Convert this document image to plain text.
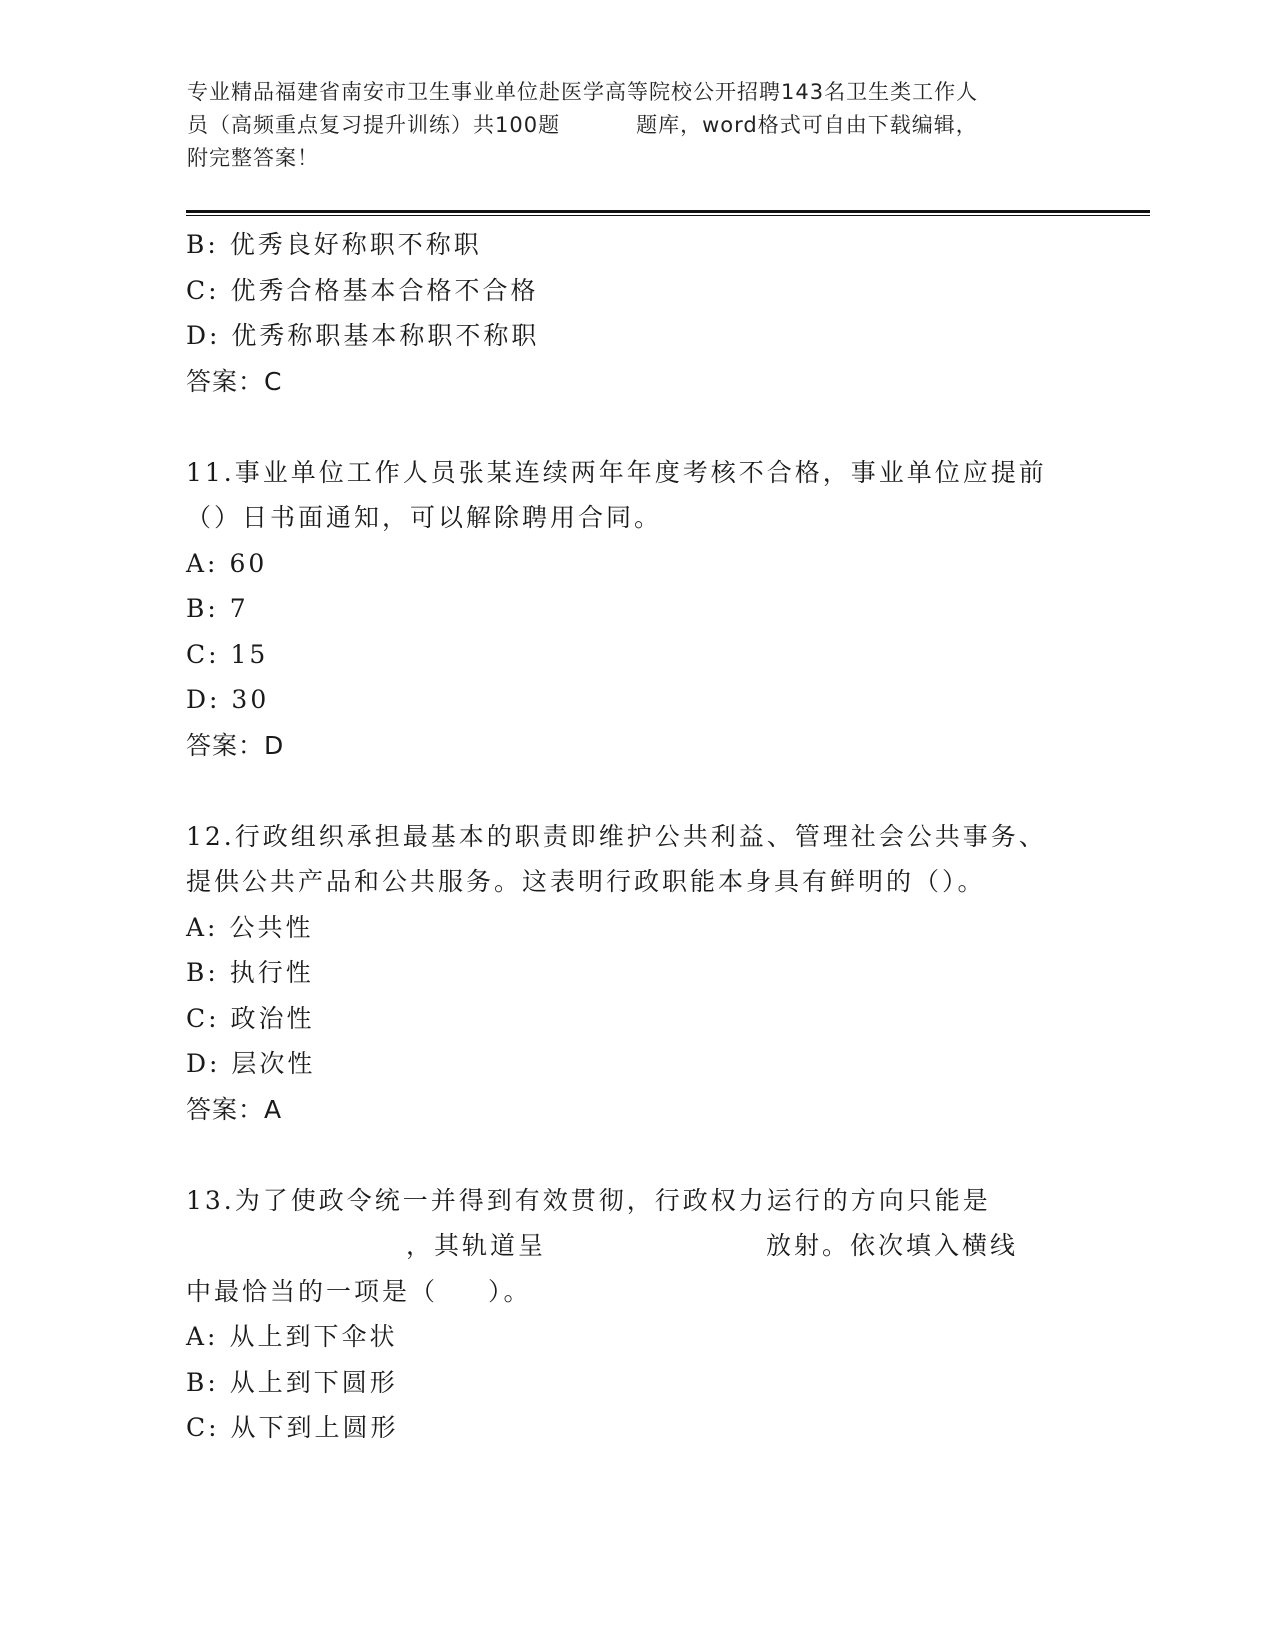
专业精品福建省南安市卫生事业单位赴医学高等院校公开招聘143名卫生类工作人
员（高频重点复习提升训练）共100题	题库，word格式可自由下载编辑，
附完整答案！
B: 优秀良好称职不称职
C: 优秀合格基本合格不合格
D: 优秀称职基本称职不称职
答案：C
11.事业单位工作人员张某连续两年年度考核不合格，事业单位应提前
（）日书面通知，可以解除聘用合同。
A: 60
B: 7
C: 15
D: 30
答案：D
12.行政组织承担最基本的职责即维护公共利益、管理社会公共事务、
提供公共产品和公共服务。这表明行政职能本身具有鲜明的（）。
A: 公共性
B: 执行性
C: 政治性
D: 层次性
答案：A
13.为了使政令统一并得到有效贯彻，行政权力运行的方向只能是
，其轨道呈	放射。依次填入横线
中最恰当的一项是（ ）。
A: 从上到下伞状
B: 从上到下圆形
C: 从下到上圆形
